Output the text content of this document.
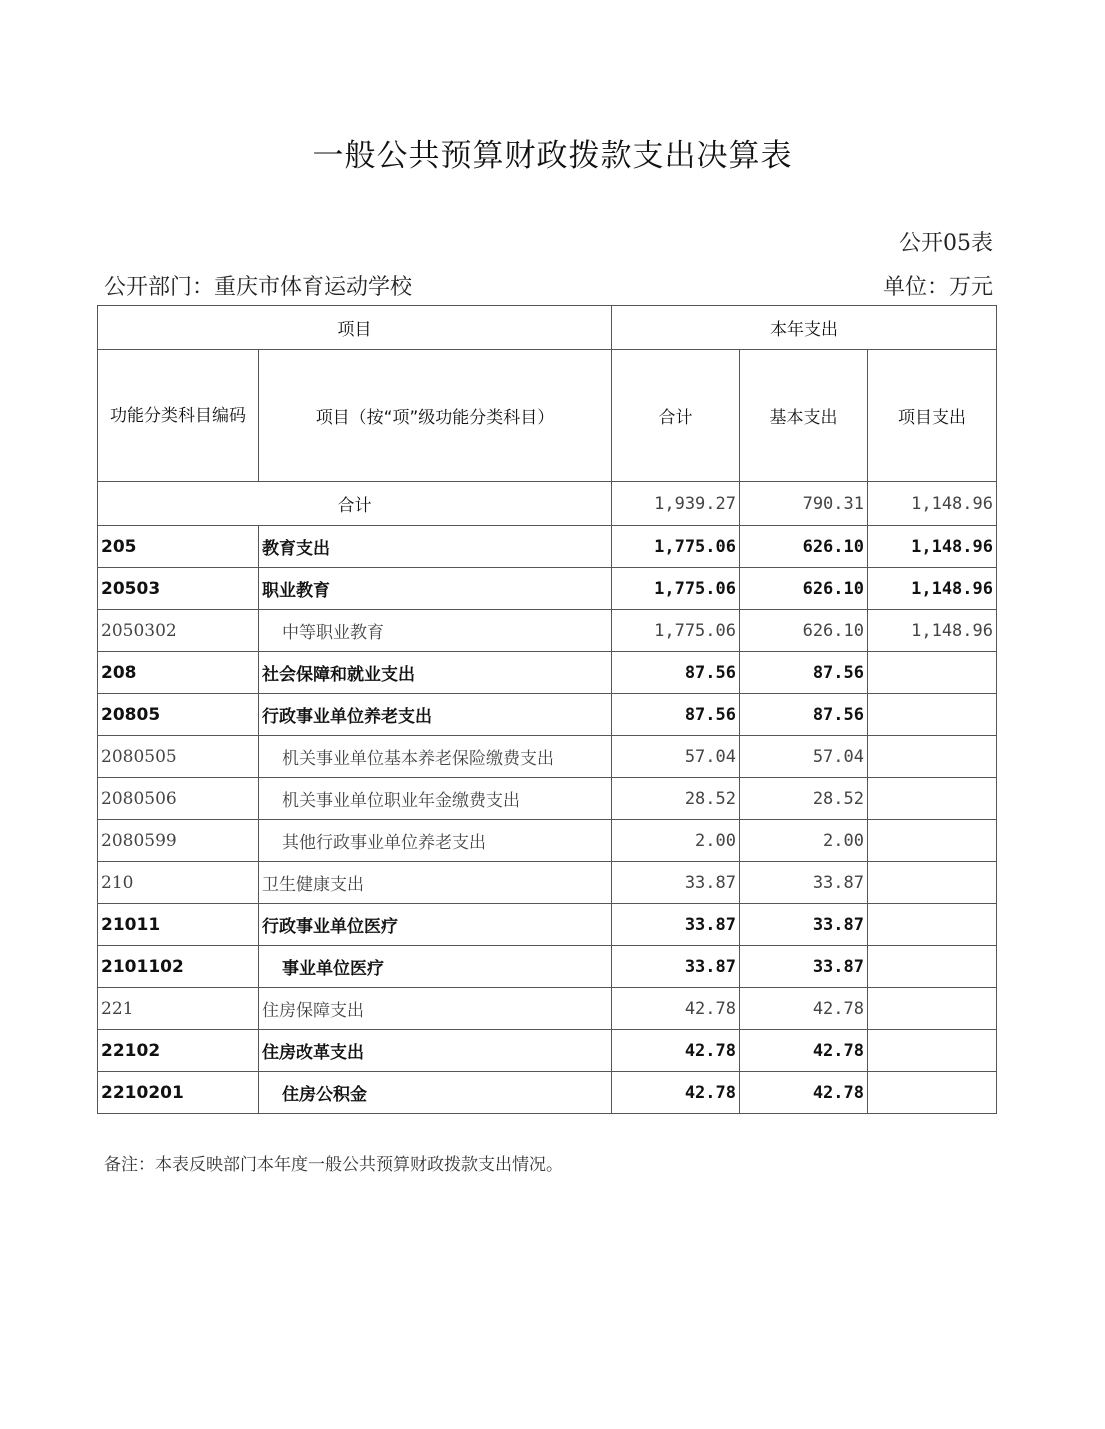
一般公共预算财政拨款支出决算表
公开05表
公开部门：重庆市体育运动学校	单位：万元
项目		本年支出		
功能分类科目编码	项目（按“项”级功能分类科目）	合计	基本支出	项目支出
合计		1,939.27	790.31	1,148.96
205	教育支出	1,775.06	626.10	1,148.96
20503	职业教育	1,775.06	626.10	1,148.96
2050302	中等职业教育	1,775.06	626.10	1,148.96
208	社会保障和就业支出	87.56	87.56	
20805	行政事业单位养老支出	87.56	87.56	
2080505	机关事业单位基本养老保险缴费支出	57.04	57.04	
2080506	机关事业单位职业年金缴费支出	28.52	28.52	
2080599	其他行政事业单位养老支出	2.00	2.00	
210	卫生健康支出	33.87	33.87	
21011	行政事业单位医疗	33.87	33.87	
2101102	事业单位医疗	33.87	33.87	
221	住房保障支出	42.78	42.78	
22102	住房改革支出	42.78	42.78	
2210201	住房公积金	42.78	42.78	
备注：本表反映部门本年度一般公共预算财政拨款支出情况。
